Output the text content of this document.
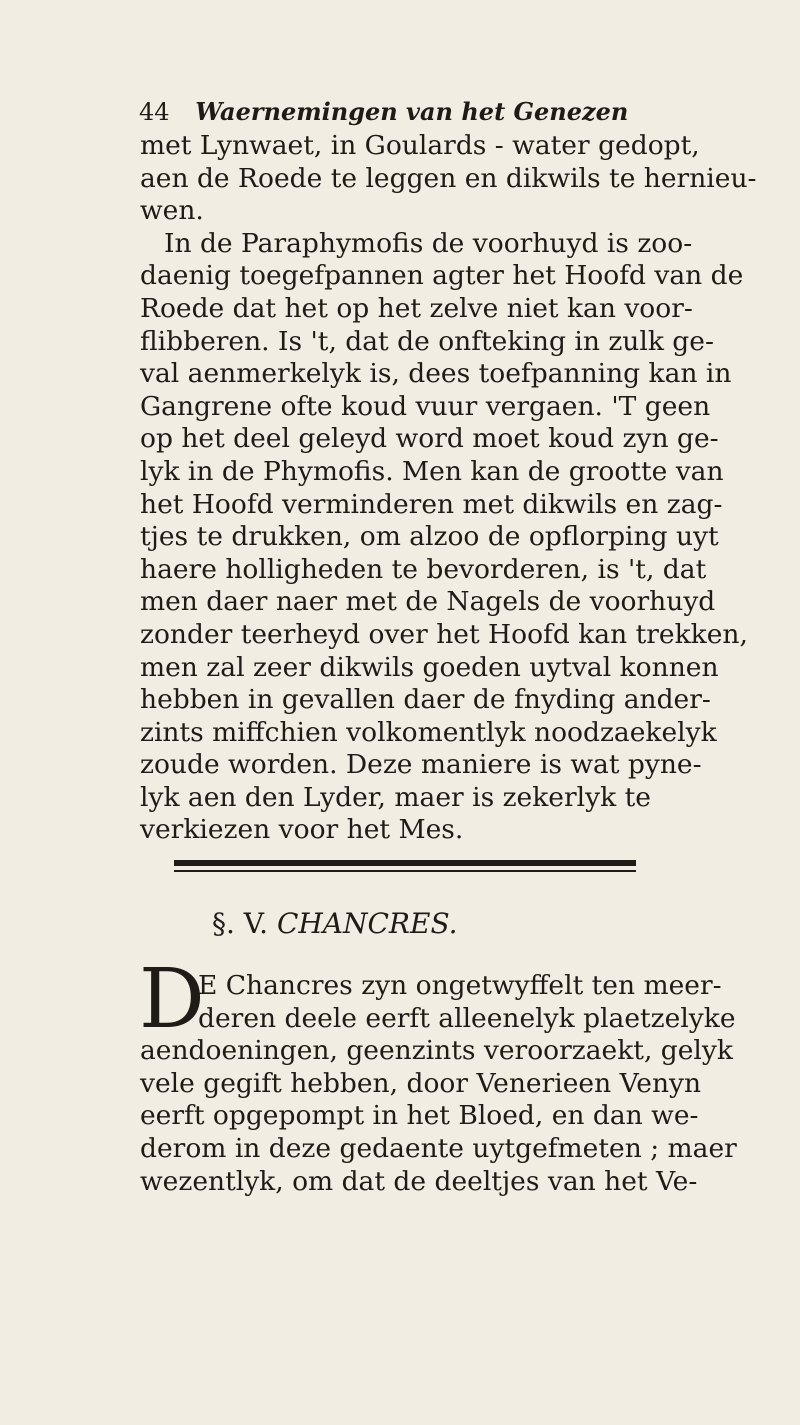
44 Waernemingen van het Genezen
met Lynwaet, in Goulards - water gedopt,
aen de Roede te leggen en dikwils te hernieu-
wen.
In de Paraphymofis de voorhuyd is zoo-
daenig toegefpannen agter het Hoofd van de
Roede dat het op het zelve niet kan voor-
flibberen. Is 't, dat de onfteking in zulk ge-
val aenmerkelyk is, dees toefpanning kan in
Gangrene ofte koud vuur vergaen. 'T geen
op het deel geleyd word moet koud zyn ge-
lyk in de Phymofis. Men kan de grootte van
het Hoofd verminderen met dikwils en zag-
tjes te drukken, om alzoo de opflorping uyt
haere holligheden te bevorderen, is 't, dat
men daer naer met de Nagels de voorhuyd
zonder teerheyd over het Hoofd kan trekken,
men zal zeer dikwils goeden uytval konnen
hebben in gevallen daer de fnyding ander-
zints miffchien volkomentlyk noodzaekelyk
zoude worden. Deze maniere is wat pyne-
lyk aen den Lyder, maer is zekerlyk te
verkiezen voor het Mes.
§. V. CHANCRES.
D
E Chancres zyn ongetwyffelt ten meer-
deren deele eerft alleenelyk plaetzelyke
aendoeningen, geenzints veroorzaekt, gelyk
vele gegift hebben, door Venerieen Venyn
eerft opgepompt in het Bloed, en dan we-
derom in deze gedaente uytgefmeten ; maer
wezentlyk, om dat de deeltjes van het Ve-
